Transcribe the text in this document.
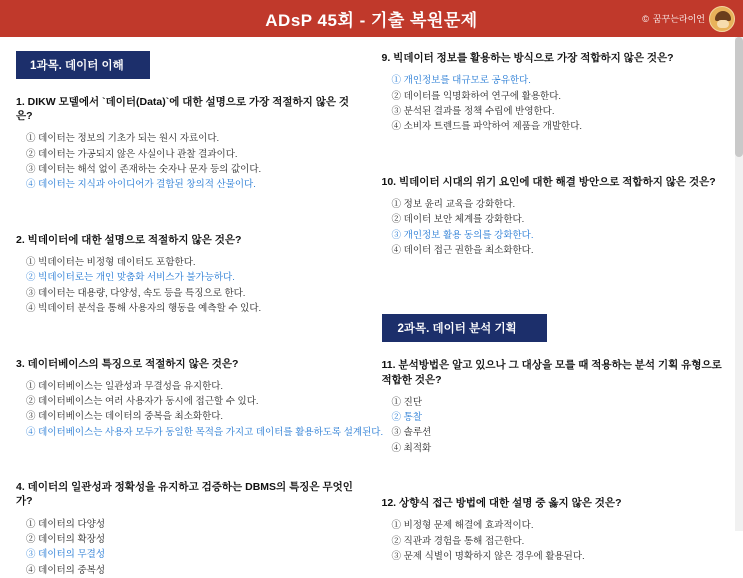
ADsP 45회 - 기출 복원문제	© 꿈꾸는라이언
1과목. 데이터 이해
1. DIKW 모델에서 `데이터(Data)`에 대한 설명으로 가장 적절하지 않은 것은?
① 데이터는 정보의 기초가 되는 원시 자료이다.
② 데이터는 가공되지 않은 사실이나 관찰 결과이다.
③ 데이터는 해석 없이 존재하는 숫자나 문자 등의 값이다.
④ 데이터는 지식과 아이디어가 결합된 창의적 산물이다.
2. 빅데이터에 대한 설명으로 적절하지 않은 것은?
① 빅데이터는 비정형 데이터도 포함한다.
② 빅데이터로는 개인 맞춤화 서비스가 불가능하다.
③ 데이터는 대용량, 다양성, 속도 등을 특징으로 한다.
④ 빅데이터 분석을 통해 사용자의 행동을 예측할 수 있다.
3. 데이터베이스의 특징으로 적절하지 않은 것은?
① 데이터베이스는 일관성과 무결성을 유지한다.
② 데이터베이스는 여러 사용자가 동시에 접근할 수 있다.
③ 데이터베이스는 데이터의 중복을 최소화한다.
④ 데이터베이스는 사용자 모두가 동일한 목적을 가지고 데이터를 활용하도록 설계된다.
4. 데이터의 일관성과 정확성을 유지하고 검증하는 DBMS의 특징은 무엇인가?
① 데이터의 다양성
② 데이터의 확장성
③ 데이터의 무결성
④ 데이터의 중복성
9. 빅데이터 정보를 활용하는 방식으로 가장 적합하지 않은 것은?
① 개인정보를 대규모로 공유한다.
② 데이터를 익명화하여 연구에 활용한다.
③ 분석된 결과를 정책 수립에 반영한다.
④ 소비자 트렌드를 파악하여 제품을 개발한다.
10. 빅데이터 시대의 위기 요인에 대한 해결 방안으로 적합하지 않은 것은?
① 정보 윤리 교육을 강화한다.
② 데이터 보안 체계를 강화한다.
③ 개인정보 활용 동의를 강화한다.
④ 데이터 접근 권한을 최소화한다.
2과목. 데이터 분석 기획
11. 분석방법은 알고 있으나 그 대상을 모를 때 적용하는 분석 기획 유형으로 적합한 것은?
① 진단
② 통찰
③ 솔루션
④ 최적화
12. 상향식 접근 방법에 대한 설명 중 옳지 않은 것은?
① 비정형 문제 해결에 효과적이다.
② 직관과 경험을 통해 접근한다.
③ 문제 식별이 명확하지 않은 경우에 활용된다.
